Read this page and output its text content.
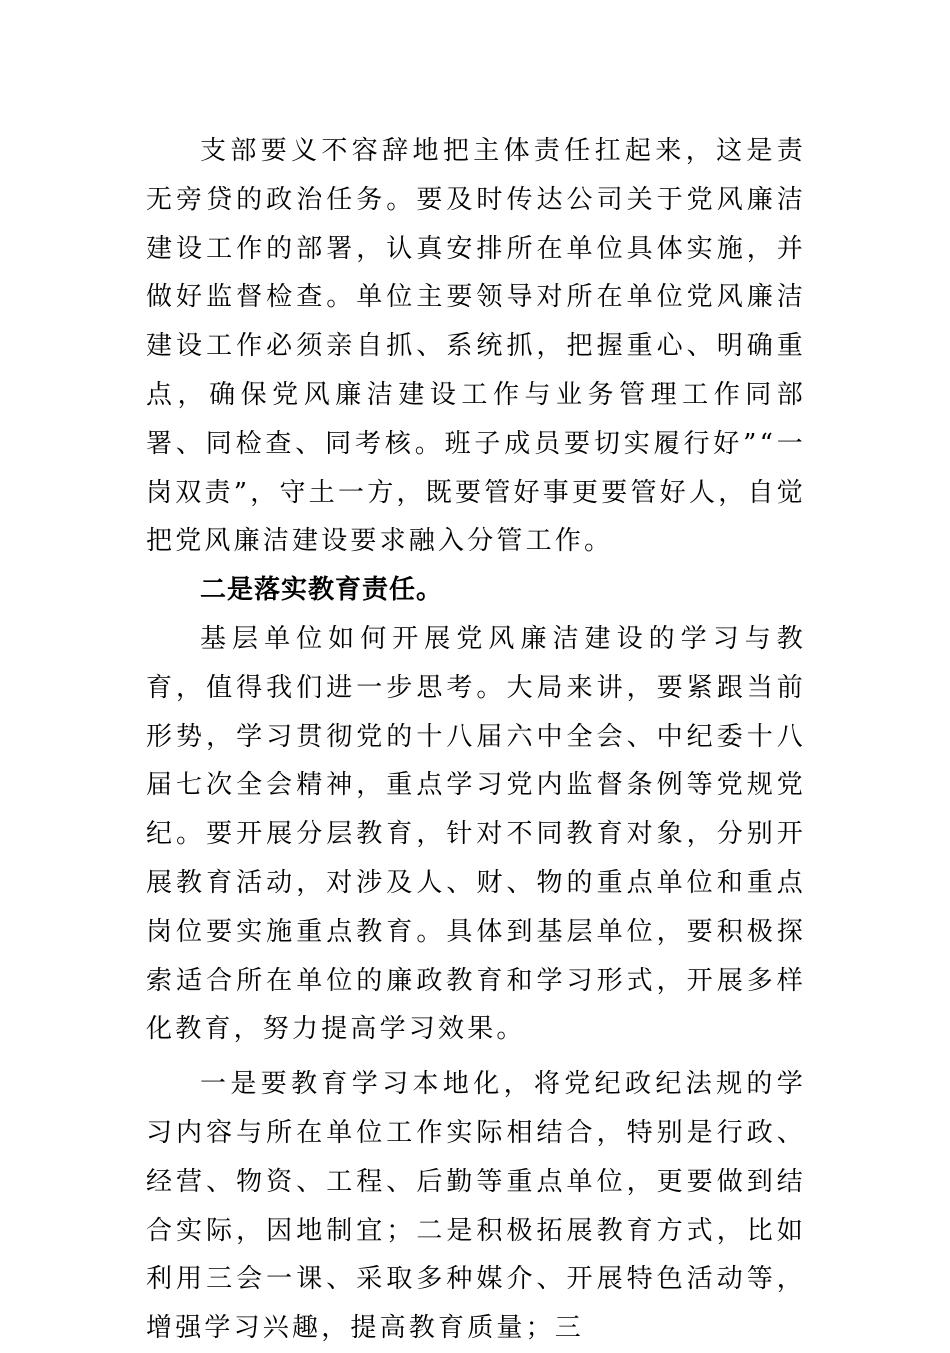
支部要义不容辞地把主体责任扛起来，这是责无旁贷的政治任务。要及时传达公司关于党风廉洁建设工作的部署，认真安排所在单位具体实施，并做好监督检查。单位主要领导对所在单位党风廉洁建设工作必须亲自抓、系统抓，把握重心、明确重点，确保党风廉洁建设工作与业务管理工作同部署、同检查、同考核。班子成员要切实履行好”“一岗双责”，守土一方，既要管好事更要管好人，自觉把党风廉洁建设要求融入分管工作。

二是落实教育责任。

基层单位如何开展党风廉洁建设的学习与教育，值得我们进一步思考。大局来讲，要紧跟当前形势，学习贯彻党的十八届六中全会、中纪委十八届七次全会精神，重点学习党内监督条例等党规党纪。要开展分层教育，针对不同教育对象，分别开展教育活动，对涉及人、财、物的重点单位和重点岗位要实施重点教育。具体到基层单位，要积极探索适合所在单位的廉政教育和学习形式，开展多样化教育，努力提高学习效果。

一是要教育学习本地化，将党纪政纪法规的学习内容与所在单位工作实际相结合，特别是行政、经营、物资、工程、后勤等重点单位，更要做到结合实际，因地制宜；二是积极拓展教育方式，比如利用三会一课、采取多种媒介、开展特色活动等，增强学习兴趣，提高教育质量；三
